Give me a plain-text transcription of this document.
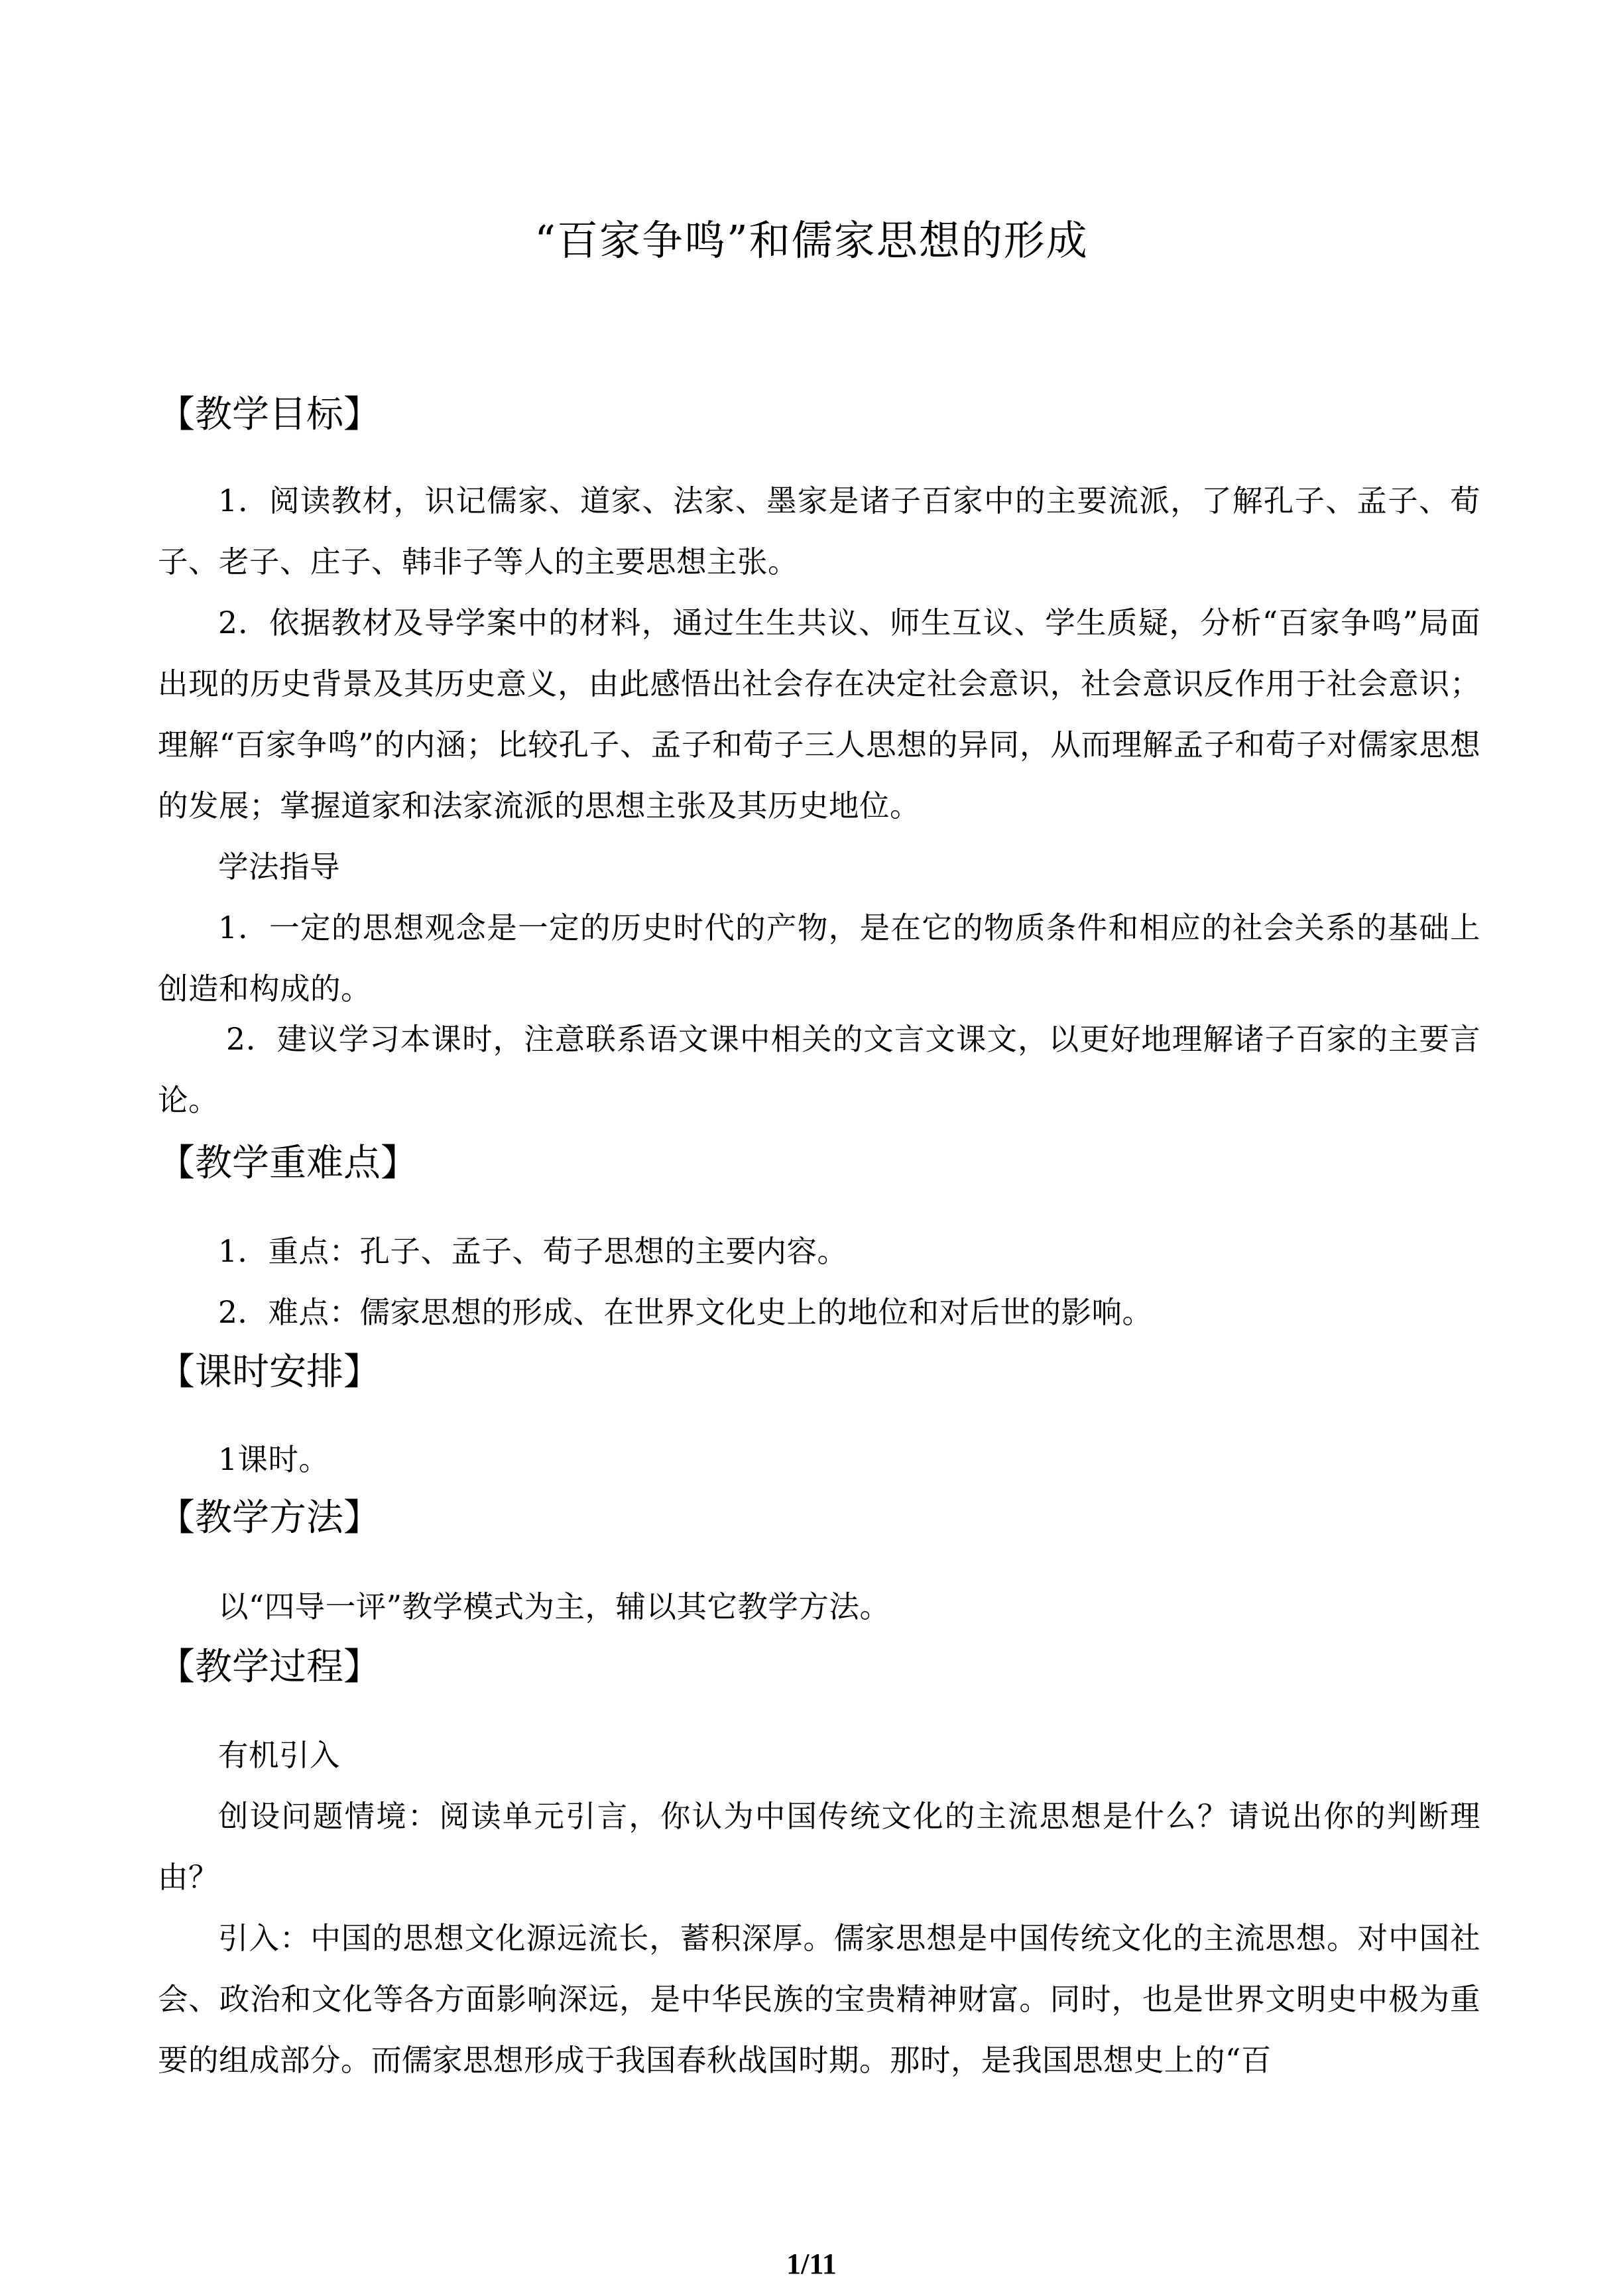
“百家争鸣”和儒家思想的形成
【教学目标】

1．阅读教材，识记儒家、道家、法家、墨家是诸子百家中的主要流派，了解孔子、孟子、荀子、老子、庄子、韩非子等人的主要思想主张。

2．依据教材及导学案中的材料，通过生生共议、师生互议、学生质疑，分析“百家争鸣”局面出现的历史背景及其历史意义，由此感悟出社会存在决定社会意识，社会意识反作用于社会意识；理解“百家争鸣”的内涵；比较孔子、孟子和荀子三人思想的异同，从而理解孟子和荀子对儒家思想的发展；掌握道家和法家流派的思想主张及其历史地位。

学法指导

1．一定的思想观念是一定的历史时代的产物，是在它的物质条件和相应的社会关系的基础上创造和构成的。

2．建议学习本课时，注意联系语文课中相关的文言文课文，以更好地理解诸子百家的主要言论。

【教学重难点】

1．重点：孔子、孟子、荀子思想的主要内容。

2．难点：儒家思想的形成、在世界文化史上的地位和对后世的影响。

【课时安排】

1课时。

【教学方法】

以“四导一评”教学模式为主，辅以其它教学方法。

【教学过程】

有机引入

创设问题情境：阅读单元引言，你认为中国传统文化的主流思想是什么？请说出你的判断理由？

引入：中国的思想文化源远流长，蓄积深厚。儒家思想是中国传统文化的主流思想。对中国社会、政治和文化等各方面影响深远，是中华民族的宝贵精神财富。同时，也是世界文明史中极为重要的组成部分。而儒家思想形成于我国春秋战国时期。那时，是我国思想史上的“百

1/11
